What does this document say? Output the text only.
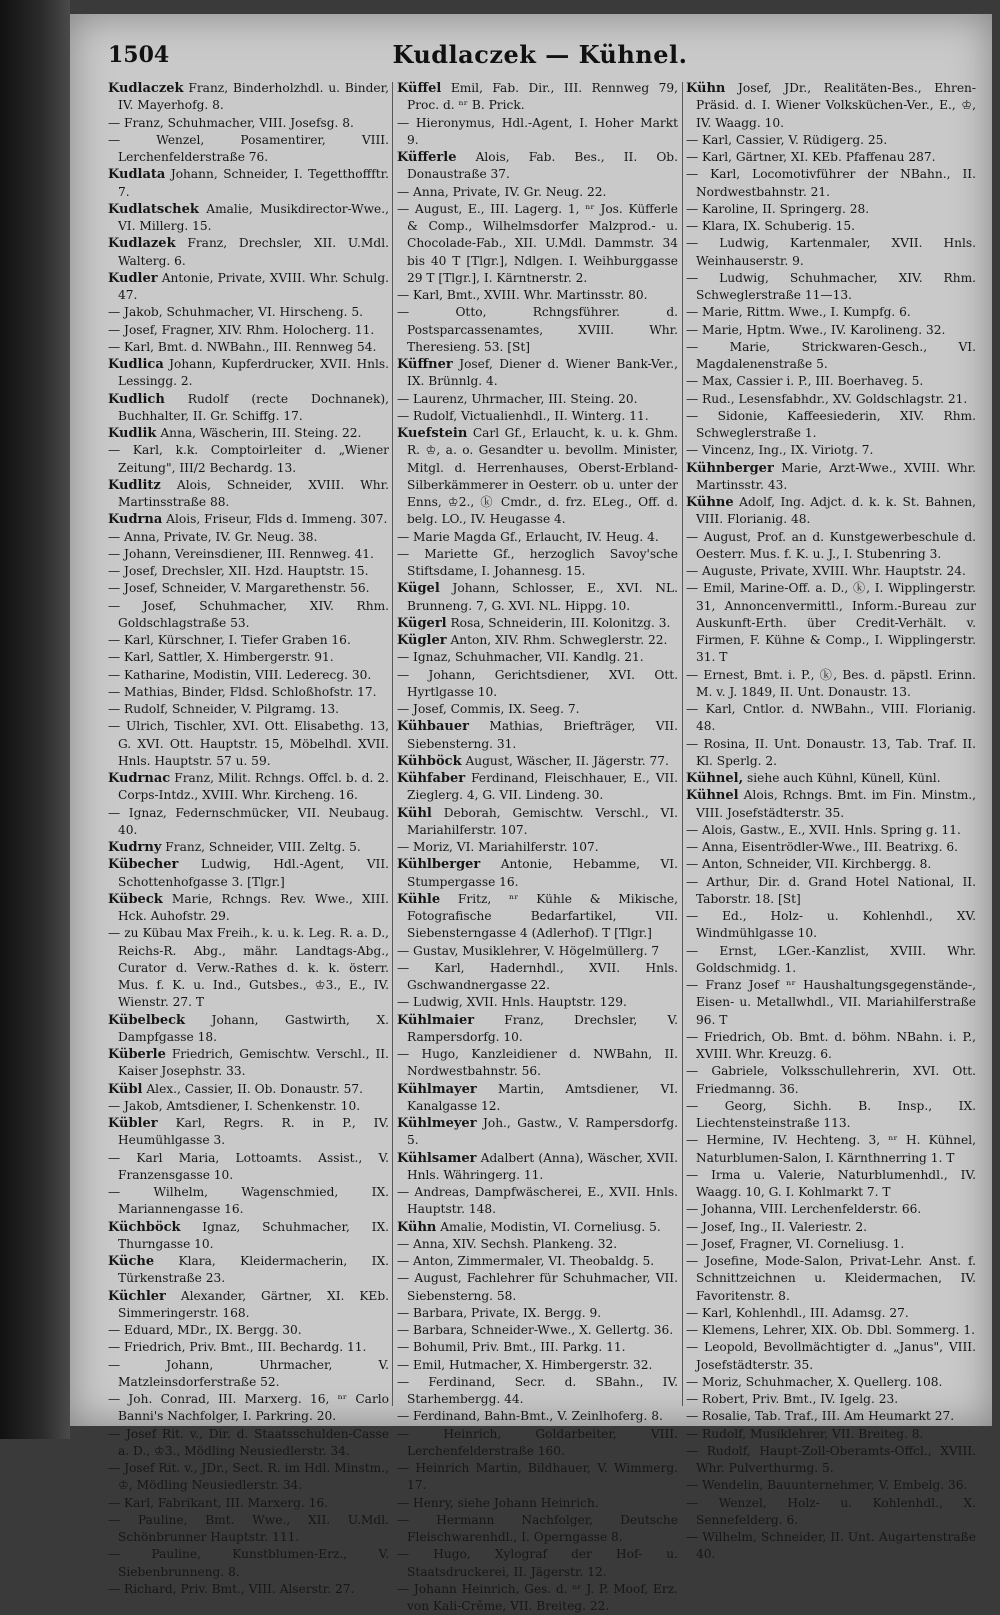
1504	Kudlaczek — Kühnel.

Kudlaczek Franz, Binderholzhdl. u. Binder, IV. Mayerhofg. 8.

— Franz, Schuhmacher, VIII. Josefsg. 8.

— Wenzel, Posamentirer, VIII. Lerchenfelderstraße 76.

Kudlata Johann, Schneider, I. Tegetthoffftr. 7.

Kudlatschek Amalie, Musikdirector-Wwe., VI. Millerg. 15.

Kudlazek Franz, Drechsler, XII. U.Mdl. Walterg. 6.

Kudler Antonie, Private, XVIII. Whr. Schulg. 47.

— Jakob, Schuhmacher, VI. Hirscheng. 5.

— Josef, Fragner, XIV. Rhm. Holocherg. 11.

— Karl, Bmt. d. NWBahn., III. Rennweg 54.

Kudlica Johann, Kupferdrucker, XVII. Hnls. Lessingg. 2.

Kudlich Rudolf (recte Dochnanek), Buchhalter, II. Gr. Schiffg. 17.

Kudlik Anna, Wäscherin, III. Steing. 22.

— Karl, k.k. Comptoirleiter d. „Wiener Zeitung", III/2 Bechardg. 13.

Kudlitz Alois, Schneider, XVIII. Whr. Martinsstraße 88.

Kudrna Alois, Friseur, Flds d. Immeng. 307.

— Anna, Private, IV. Gr. Neug. 38.

— Johann, Vereinsdiener, III. Rennweg. 41.

— Josef, Drechsler, XII. Hzd. Hauptstr. 15.

— Josef, Schneider, V. Margarethenstr. 56.

— Josef, Schuhmacher, XIV. Rhm. Goldschlagstraße 53.

— Karl, Kürschner, I. Tiefer Graben 16.

— Karl, Sattler, X. Himbergerstr. 91.

— Katharine, Modistin, VIII. Lederecg. 30.

— Mathias, Binder, Fldsd. Schloßhofstr. 17.

— Rudolf, Schneider, V. Pilgramg. 13.

— Ulrich, Tischler, XVI. Ott. Elisabethg. 13, G. XVI. Ott. Hauptstr. 15, Möbelhdl. XVII. Hnls. Hauptstr. 57 u. 59.

Kudrnac Franz, Milit. Rchngs. Offcl. b. d. 2. Corps-Intdz., XVIII. Whr. Kircheng. 16.

— Ignaz, Federnschmücker, VII. Neubaug. 40.

Kudrny Franz, Schneider, VIII. Zeltg. 5.

Kübecher Ludwig, Hdl.-Agent, VII. Schottenhofgasse 3. [Tlgr.]

Kübeck Marie, Rchngs. Rev. Wwe., XIII. Hck. Auhofstr. 29.

— zu Kübau Max Freih., k. u. k. Leg. R. a. D., Reichs-R. Abg., mähr. Landtags-Abg., Curator d. Verw.-Rathes d. k. k. österr. Mus. f. K. u. Ind., Gutsbes., ♔3., E., IV. Wienstr. 27. T

Kübelbeck Johann, Gastwirth, X. Dampfgasse 18.

Küberle Friedrich, Gemischtw. Verschl., II. Kaiser Josephstr. 33.

Kübl Alex., Cassier, II. Ob. Donaustr. 57.

— Jakob, Amtsdiener, I. Schenkenstr. 10.

Kübler Karl, Regrs. R. in P., IV. Heumühlgasse 3.

— Karl Maria, Lottoamts. Assist., V. Franzensgasse 10.

— Wilhelm, Wagenschmied, IX. Mariannengasse 16.

Küchböck Ignaz, Schuhmacher, IX. Thurngasse 10.

Küche Klara, Kleidermacherin, IX. Türkenstraße 23.

Küchler Alexander, Gärtner, XI. KEb. Simmeringerstr. 168.

— Eduard, MDr., IX. Bergg. 30.

— Friedrich, Priv. Bmt., III. Bechardg. 11.

— Johann, Uhrmacher, V. Matzleinsdorferstraße 52.

— Joh. Conrad, III. Marxerg. 16, ⁿʳ Carlo Banni's Nachfolger, I. Parkring. 20.

— Josef Rit. v., Dir. d. Staatsschulden-Casse a. D., ♔3., Mödling Neusiedlerstr. 34.

— Josef Rit. v., JDr., Sect. R. im Hdl. Minstm., ♔, Mödling Neusiedlerstr. 34.

— Karl, Fabrikant, III. Marxerg. 16.

— Pauline, Bmt. Wwe., XII. U.Mdl. Schönbrunner Hauptstr. 111.

— Pauline, Kunstblumen-Erz., V. Siebenbrunneng. 8.

— Richard, Priv. Bmt., VIII. Alserstr. 27.

Küffel Emil, Fab. Dir., III. Rennweg 79, Proc. d. ⁿʳ B. Prick.

— Hieronymus, Hdl.-Agent, I. Hoher Markt 9.

Küfferle Alois, Fab. Bes., II. Ob. Donaustraße 37.

— Anna, Private, IV. Gr. Neug. 22.

— August, E., III. Lagerg. 1, ⁿʳ Jos. Küfferle & Comp., Wilhelmsdorfer Malzprod.- u. Chocolade-Fab., XII. U.Mdl. Dammstr. 34 bis 40 T [Tlgr.], Ndlgen. I. Weihburggasse 29 T [Tlgr.], I. Kärntnerstr. 2.

— Karl, Bmt., XVIII. Whr. Martinsstr. 80.

— Otto, Rchngsführer. d. Postsparcassenamtes, XVIII. Whr. Theresieng. 53. [St]

Küffner Josef, Diener d. Wiener Bank-Ver., IX. Brünnlg. 4.

— Laurenz, Uhrmacher, III. Steing. 20.

— Rudolf, Victualienhdl., II. Winterg. 11.

Kuefstein Carl Gf., Erlaucht, k. u. k. Ghm. R. ♔, a. o. Gesandter u. bevollm. Minister, Mitgl. d. Herrenhauses, Oberst-Erbland-Silberkämmerer in Oesterr. ob u. unter der Enns, ♔2., ⓚ Cmdr., d. frz. ELeg., Off. d. belg. LO., IV. Heugasse 4.

— Marie Magda Gf., Erlaucht, IV. Heug. 4.

— Mariette Gf., herzoglich Savoy'sche Stiftsdame, I. Johannesg. 15.

Kügel Johann, Schlosser, E., XVI. NL. Brunneng. 7, G. XVI. NL. Hippg. 10.

Kügerl Rosa, Schneiderin, III. Kolonitzg. 3.

Kügler Anton, XIV. Rhm. Schweglerstr. 22.

— Ignaz, Schuhmacher, VII. Kandlg. 21.

— Johann, Gerichtsdiener, XVI. Ott. Hyrtlgasse 10.

— Josef, Commis, IX. Seeg. 7.

Kühbauer Mathias, Briefträger, VII. Siebensterng. 31.

Kühböck August, Wäscher, II. Jägerstr. 77.

Kühfaber Ferdinand, Fleischhauer, E., VII. Zieglerg. 4, G. VII. Lindeng. 30.

Kühl Deborah, Gemischtw. Verschl., VI. Mariahilferstr. 107.

— Moriz, VI. Mariahilferstr. 107.

Kühlberger Antonie, Hebamme, VI. Stumpergasse 16.

Kühle Fritz, ⁿʳ Kühle & Mikische, Fotografische Bedarfartikel, VII. Siebensterngasse 4 (Adlerhof). T [Tlgr.]

— Gustav, Musiklehrer, V. Högelmüllerg. 7

— Karl, Hadernhdl., XVII. Hnls. Gschwandnergasse 22.

— Ludwig, XVII. Hnls. Hauptstr. 129.

Kühlmaier Franz, Drechsler, V. Rampersdorfg. 10.

— Hugo, Kanzleidiener d. NWBahn, II. Nordwestbahnstr. 56.

Kühlmayer Martin, Amtsdiener, VI. Kanalgasse 12.

Kühlmeyer Joh., Gastw., V. Rampersdorfg. 5.

Kühlsamer Adalbert (Anna), Wäscher, XVII. Hnls. Währingerg. 11.

— Andreas, Dampfwäscherei, E., XVII. Hnls. Hauptstr. 148.

Kühn Amalie, Modistin, VI. Corneliusg. 5.

— Anna, XIV. Sechsh. Plankeng. 32.

— Anton, Zimmermaler, VI. Theobaldg. 5.

— August, Fachlehrer für Schuhmacher, VII. Siebensterng. 58.

— Barbara, Private, IX. Bergg. 9.

— Barbara, Schneider-Wwe., X. Gellertg. 36.

— Bohumil, Priv. Bmt., III. Parkg. 11.

— Emil, Hutmacher, X. Himbergerstr. 32.

— Ferdinand, Secr. d. SBahn., IV. Starhembergg. 44.

— Ferdinand, Bahn-Bmt., V. Zeinlhoferg. 8.

— Heinrich, Goldarbeiter, VIII. Lerchenfelderstraße 160.

— Heinrich Martin, Bildhauer, V. Wimmerg. 17.

— Henry, siehe Johann Heinrich.

— Hermann Nachfolger, Deutsche Fleischwarenhdl., I. Operngasse 8.

— Hugo, Xylograf der Hof- u. Staatsdruckerei, II. Jägerstr. 12.

— Johann Heinrich, Ges. d. ⁿʳ J. P. Moof, Erz. von Kali-Crême, VII. Breiteg. 22.

Kühn Josef, JDr., Realitäten-Bes., Ehren-Präsid. d. I. Wiener Volksküchen-Ver., E., ♔, IV. Waagg. 10.

— Karl, Cassier, V. Rüdigerg. 25.

— Karl, Gärtner, XI. KEb. Pfaffenau 287.

— Karl, Locomotivführer der NBahn., II. Nordwestbahnstr. 21.

— Karoline, II. Springerg. 28.

— Klara, IX. Schuberig. 15.

— Ludwig, Kartenmaler, XVII. Hnls. Weinhauserstr. 9.

— Ludwig, Schuhmacher, XIV. Rhm. Schweglerstraße 11—13.

— Marie, Rittm. Wwe., I. Kumpfg. 6.

— Marie, Hptm. Wwe., IV. Karolineng. 32.

— Marie, Strickwaren-Gesch., VI. Magdalenenstraße 5.

— Max, Cassier i. P., III. Boerhaveg. 5.

— Rud., Lesensfabhdr., XV. Goldschlagstr. 21.

— Sidonie, Kaffeesiederin, XIV. Rhm. Schweglerstraße 1.

— Vincenz, Ing., IX. Viriotg. 7.

Kühnberger Marie, Arzt-Wwe., XVIII. Whr. Martinsstr. 43.

Kühne Adolf, Ing. Adjct. d. k. k. St. Bahnen, VIII. Florianig. 48.

— August, Prof. an d. Kunstgewerbeschule d. Oesterr. Mus. f. K. u. J., I. Stubenring 3.

— Auguste, Private, XVIII. Whr. Hauptstr. 24.

— Emil, Marine-Off. a. D., ⓚ, I. Wipplingerstr. 31, Annoncenvermittl., Inform.-Bureau zur Auskunft-Erth. über Credit-Verhält. v. Firmen, F. Kühne & Comp., I. Wipplingerstr. 31. T

— Ernest, Bmt. i. P., ⓚ, Bes. d. päpstl. Erinn. M. v. J. 1849, II. Unt. Donaustr. 13.

— Karl, Cntlor. d. NWBahn., VIII. Florianig. 48.

— Rosina, II. Unt. Donaustr. 13, Tab. Traf. II. Kl. Sperlg. 2.

Kühnel, siehe auch Kühnl, Künell, Künl.

Kühnel Alois, Rchngs. Bmt. im Fin. Minstm., VIII. Josefstädterstr. 35.

— Alois, Gastw., E., XVII. Hnls. Spring g. 11.

— Anna, Eisentrödler-Wwe., III. Beatrixg. 6.

— Anton, Schneider, VII. Kirchbergg. 8.

— Arthur, Dir. d. Grand Hotel National, II. Taborstr. 18. [St]

— Ed., Holz- u. Kohlenhdl., XV. Windmühlgasse 10.

— Ernst, LGer.-Kanzlist, XVIII. Whr. Goldschmidg. 1.

— Franz Josef ⁿʳ Haushaltungsgegenstände-, Eisen- u. Metallwhdl., VII. Mariahilferstraße 96. T

— Friedrich, Ob. Bmt. d. böhm. NBahn. i. P., XVIII. Whr. Kreuzg. 6.

— Gabriele, Volksschullehrerin, XVI. Ott. Friedmanng. 36.

— Georg, Sichh. B. Insp., IX. Liechtensteinstraße 113.

— Hermine, IV. Hechteng. 3, ⁿʳ H. Kühnel, Naturblumen-Salon, I. Kärnthnerring 1. T

— Irma u. Valerie, Naturblumenhdl., IV. Waagg. 10, G. I. Kohlmarkt 7. T

— Johanna, VIII. Lerchenfelderstr. 66.

— Josef, Ing., II. Valeriestr. 2.

— Josef, Fragner, VI. Corneliusg. 1.

— Josefine, Mode-Salon, Privat-Lehr. Anst. f. Schnittzeichnen u. Kleidermachen, IV. Favoritenstr. 8.

— Karl, Kohlenhdl., III. Adamsg. 27.

— Klemens, Lehrer, XIX. Ob. Dbl. Sommerg. 1.

— Leopold, Bevollmächtigter d. „Janus", VIII. Josefstädterstr. 35.

— Moriz, Schuhmacher, X. Quellerg. 108.

— Robert, Priv. Bmt., IV. Igelg. 23.

— Rosalie, Tab. Traf., III. Am Heumarkt 27.

— Rudolf, Musiklehrer, VII. Breiteg. 8.

— Rudolf, Haupt-Zoll-Oberamts-Offcl., XVIII. Whr. Pulverthurmg. 5.

— Wendelin, Bauunternehmer, V. Embelg. 36.

— Wenzel, Holz- u. Kohlenhdl., X. Sennefelderg. 6.

— Wilhelm, Schneider, II. Unt. Augartenstraße 40.
